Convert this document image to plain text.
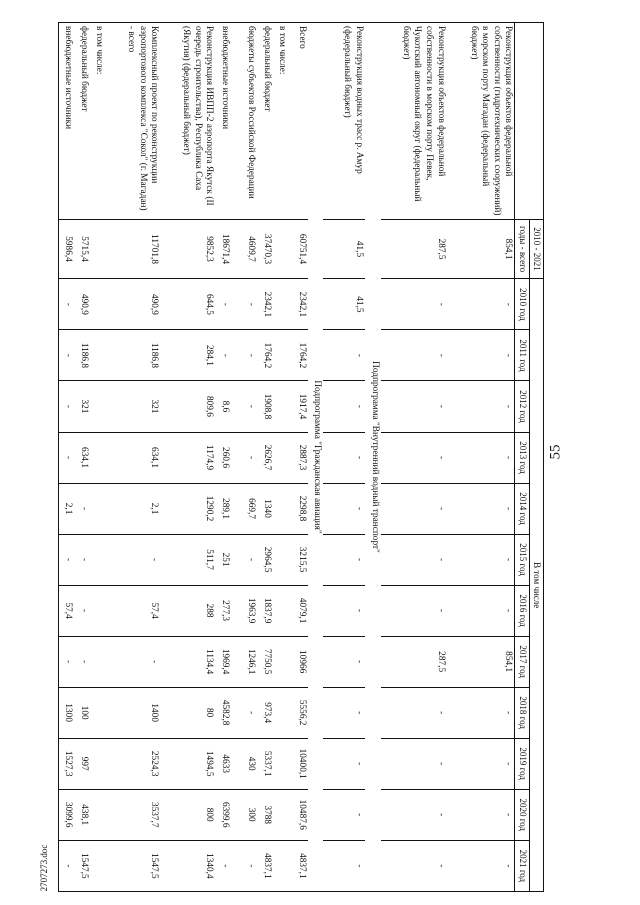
55
2707273.doc
	2010 - 2021	В том числе											
	годы - всего	2010 год	2011 год	2012 год	2013 год	2014 год	2015 год	2016 год	2017 год	2018 год	2019 год	2020 год	2021 год
Реконструкция объектов федеральной собственности (гидротехнических сооружений) в морском порту Магадан (федеральный бюджет)	854,1	-	-	-	-	-	-	-	854,1	-	-	-	-
Реконструкция объектов федеральной собственности в морском порту Певек, Чукотский автономный округ (федеральный бюджет)	287,5	-	-	-	-	-	-	-	287,5	-	-	-	-
Подпрограмма "Внутренний водный транспорт"													
Реконструкция водных трасс р. Амур (федеральный бюджет)	41,5	41,5	-	-	-	-	-	-	-	-	-	-	-
Подпрограмма "Гражданская авиация"													
Всего	60751,4	2342,1	1764,2	1917,4	2887,3	2298,8	3215,5	4079,1	10966	5556,2	10400,1	10487,6	4837,1
в том числе:													
федеральный бюджет	37470,3	2342,1	1764,2	1908,8	2626,7	1340	2964,5	1837,9	7750,5	973,4	5337,1	3788	4837,1
бюджеты субъектов Российской Федерации	4609,7	-	-	-	-	669,7	-	1963,9	1246,1	-	430	300	-
внебюджетные источники	18671,4	-	-	8,6	260,6	289,1	251	277,3	1969,4	4582,8	4633	6399,6	-
Реконструкция ИВПП-2 аэропорта Якутск (II очередь строительства), Республика Саха (Якутия) (федеральный бюджет)	9852,3	644,5	284,1	809,6	1174,9	1290,2	511,7	288	1134,4	80	1494,5	800	1340,4
Комплексный проект по реконструкции аэропортового комплекса "Сокол" (г. Магадан) - всего	11701,8	490,9	1186,8	321	634,1	2,1	-	57,4	-	1400	2524,3	3537,7	1547,5
в том числе:													
федеральный бюджет	5715,4	490,9	1186,8	321	634,1	-	-	-	-	100	997	438,1	1547,5
внебюджетные источники	5986,4	-	-	-	-	2,1	-	57,4	-	1300	1527,3	3099,6	-
